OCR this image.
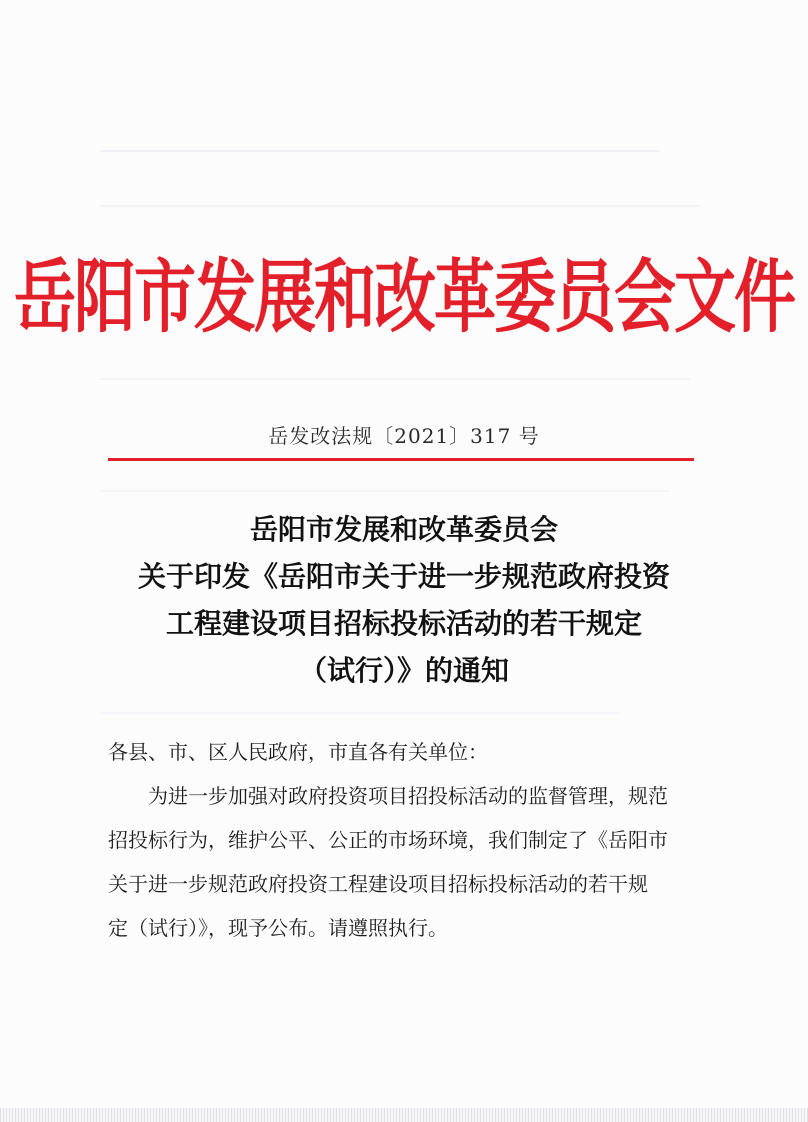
岳阳市发展和改革委员会文件
岳发改法规〔2021〕317 号
岳阳市发展和改革委员会
关于印发《岳阳市关于进一步规范政府投资
工程建设项目招标投标活动的若干规定
（试行）》的通知
各县、市、区人民政府，市直各有关单位：
为进一步加强对政府投资项目招投标活动的监督管理，规范
招投标行为，维护公平、公正的市场环境，我们制定了《岳阳市
关于进一步规范政府投资工程建设项目招标投标活动的若干规
定（试行）》，现予公布。请遵照执行。
